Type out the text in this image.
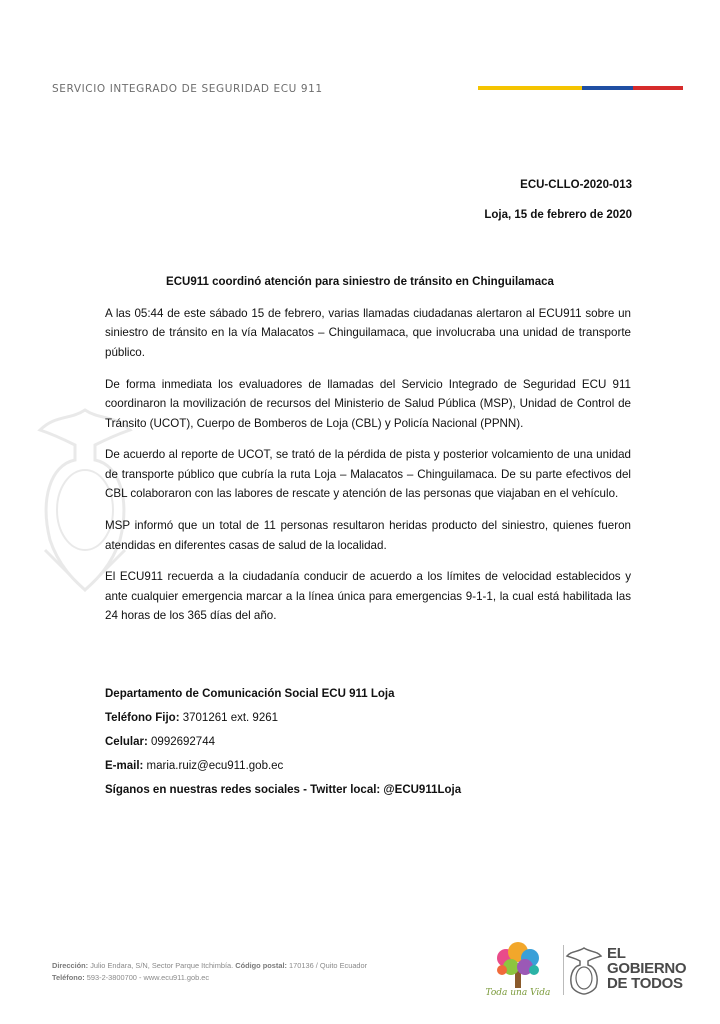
SERVICIO INTEGRADO DE SEGURIDAD ECU 911
ECU-CLLO-2020-013
Loja, 15 de febrero de 2020
ECU911 coordinó atención para siniestro de tránsito en Chinguilamaca

A las 05:44 de este sábado 15 de febrero, varias llamadas ciudadanas alertaron al ECU911 sobre un siniestro de tránsito en la vía Malacatos – Chinguilamaca, que involucraba una unidad de transporte público.

De forma inmediata los evaluadores de llamadas del Servicio Integrado de Seguridad ECU 911 coordinaron la movilización de recursos del Ministerio de Salud Pública (MSP), Unidad de Control de Tránsito (UCOT), Cuerpo de Bomberos de Loja (CBL) y Policía Nacional (PPNN).

De acuerdo al reporte de UCOT, se trató de la pérdida de pista y posterior volcamiento de una unidad de transporte público que cubría la ruta Loja – Malacatos – Chinguilamaca. De su parte efectivos del CBL colaboraron con las labores de rescate y atención de las personas que viajaban en el vehículo.

MSP informó que un total de 11 personas resultaron heridas producto del siniestro, quienes fueron atendidas en diferentes casas de salud de la localidad.

El ECU911 recuerda a la ciudadanía conducir de acuerdo a los límites de velocidad establecidos y ante cualquier emergencia marcar a la línea única para emergencias 9-1-1, la cual está habilitada las 24 horas de los 365 días del año.

Departamento de Comunicación Social ECU 911 Loja
Teléfono Fijo: 3701261 ext. 9261
Celular: 0992692744
E-mail: maria.ruiz@ecu911.gob.ec
Síganos en nuestras redes sociales - Twitter local: @ECU911Loja
Dirección: Julio Endara, S/N, Sector Parque Itchimbía. Código postal: 170136 / Quito Ecuador
Teléfono: 593-2-3800700 - www.ecu911.gob.ec
Toda una Vida
EL
GOBIERNO
DE TODOS
